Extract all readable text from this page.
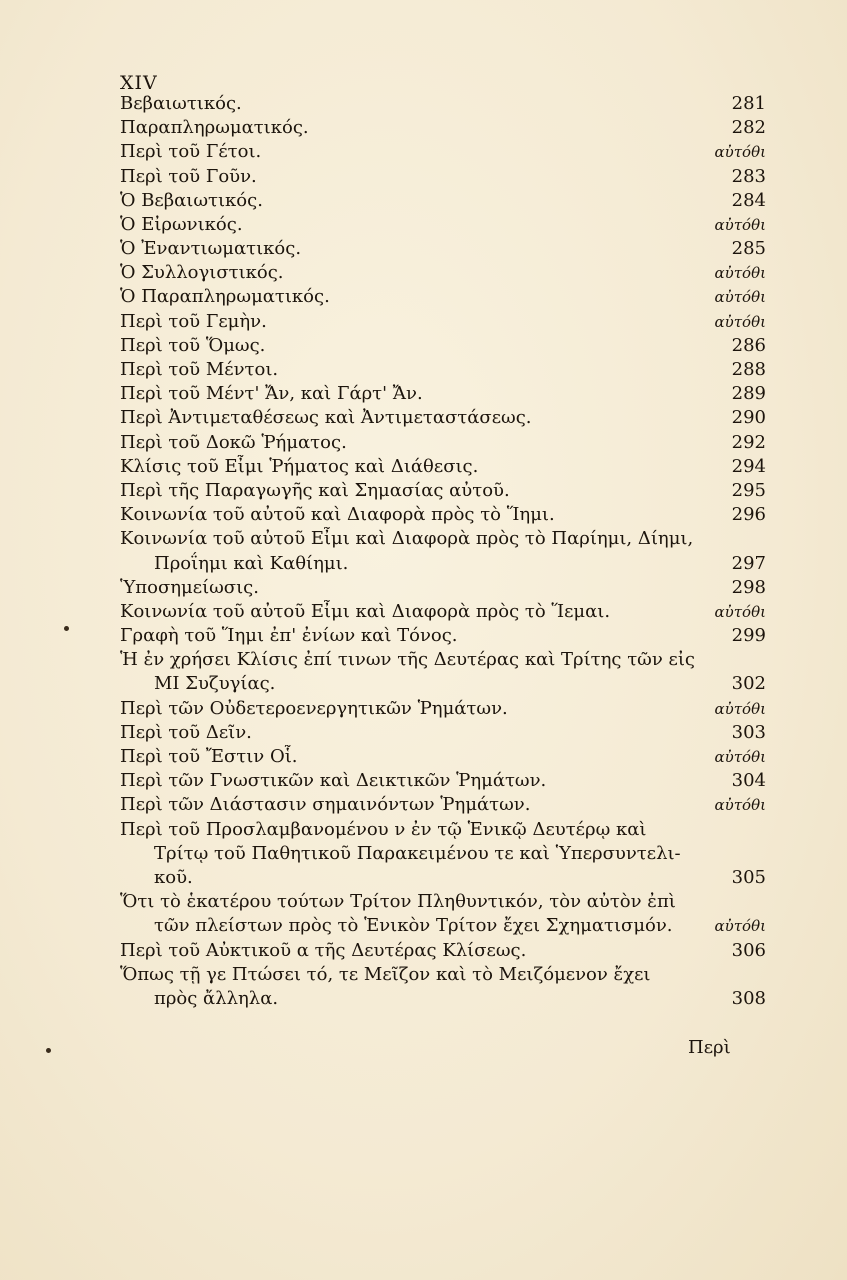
XIV
Βεβαιωτικός.	281
Παραπληρωματικός.	282
Περὶ τοῦ Γέτοι.	αὐτόθι
Περὶ τοῦ Γοῦν.	283
Ὁ Βεβαιωτικός.	284
Ὁ Εἰρωνικός.	αὐτόθι
Ὁ Ἐναντιωματικός.	285
Ὁ Συλλογιστικός.	αὐτόθι
Ὁ Παραπληρωματικός.	αὐτόθι
Περὶ τοῦ Γεμὴν.	αὐτόθι
Περὶ τοῦ Ὅμως.	286
Περὶ τοῦ Μέντοι.	288
Περὶ τοῦ Μέντ' Ἄν, καὶ Γάρτ' Ἄν.	289
Περὶ Ἀντιμεταθέσεως καὶ Ἀντιμεταστάσεως.	290
Περὶ τοῦ Δοκῶ Ῥήματος.	292
Κλίσις τοῦ Εἶμι Ῥήματος καὶ Διάθεσις.	294
Περὶ τῆς Παραγωγῆς καὶ Σημασίας αὐτοῦ.	295
Κοινωνία τοῦ αὐτοῦ καὶ Διαφορὰ πρὸς τὸ Ἵημι.	296
Κοινωνία τοῦ αὐτοῦ Εἶμι καὶ Διαφορὰ πρὸς τὸ Παρίημι, Δίημι,
Προΐημι καὶ Καθίημι.	297
Ὑποσημείωσις.	298
Κοινωνία τοῦ αὐτοῦ Εἶμι καὶ Διαφορὰ πρὸς τὸ Ἵεμαι.	αὐτόθι
Γραφὴ τοῦ Ἵημι ἐπ' ἐνίων καὶ Τόνος.	299
Ἡ ἐν χρήσει Κλίσις ἐπί τινων τῆς Δευτέρας καὶ Τρίτης τῶν εἰς
ΜΙ Συζυγίας.	302
Περὶ τῶν Οὐδετεροενεργητικῶν Ῥημάτων.	αὐτόθι
Περὶ τοῦ Δεῖν.	303
Περὶ τοῦ Ἔστιν Οἷ.	αὐτόθι
Περὶ τῶν Γνωστικῶν καὶ Δεικτικῶν Ῥημάτων.	304
Περὶ τῶν Διάστασιν σημαινόντων Ῥημάτων.	αὐτόθι
Περὶ τοῦ Προσλαμβανομένου ν ἐν τῷ Ἑνικῷ Δευτέρῳ καὶ
Τρίτῳ τοῦ Παθητικοῦ Παρακειμένου τε καὶ Ὑπερσυντελι-
κοῦ.	305
Ὅτι τὸ ἑκατέρου τούτων Τρίτον Πληθυντικόν, τὸν αὐτὸν ἐπὶ
τῶν πλείστων πρὸς τὸ Ἑνικὸν Τρίτον ἔχει Σχηματισμόν.	αὐτόθι
Περὶ τοῦ Αὐκτικοῦ α τῆς Δευτέρας Κλίσεως.	306
Ὅπως τῇ γε Πτώσει τό, τε Μεῖζον καὶ τὸ Μειζόμενον ἔχει
πρὸς ἄλληλα.	308
Περὶ
